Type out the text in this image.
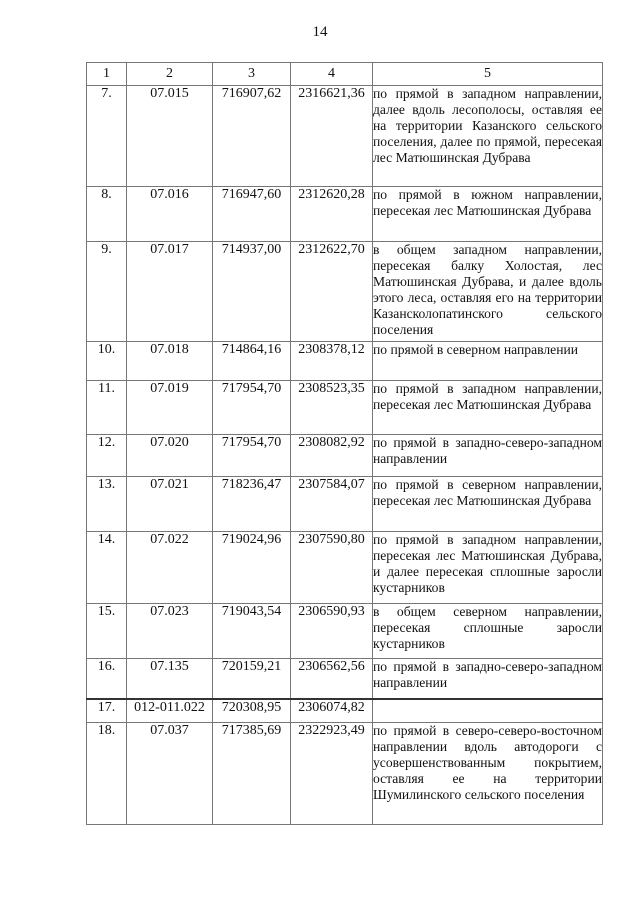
14
1	2	3	4	5
7.	07.015	716907,62	2316621,36	по прямой в западном направлении, далее вдоль лесополосы, оставляя ее на территории Казанского сельского поселения, далее по прямой, пересекая лес Матюшинская Дубрава
8.	07.016	716947,60	2312620,28	по прямой в южном направлении, пересекая лес Матюшинская Дубрава
9.	07.017	714937,00	2312622,70	в общем западном направлении, пересекая балку Холостая, лес Матюшинская Дубрава, и далее вдоль этого леса, оставляя его на территории Казансколопатинского сельского поселения
10.	07.018	714864,16	2308378,12	по прямой в северном направлении
11.	07.019	717954,70	2308523,35	по прямой в западном направлении, пересекая лес Матюшинская Дубрава
12.	07.020	717954,70	2308082,92	по прямой в западно-северо-западном направлении
13.	07.021	718236,47	2307584,07	по прямой в северном направлении, пересекая лес Матюшинская Дубрава
14.	07.022	719024,96	2307590,80	по прямой в западном направлении, пересекая лес Матюшинская Дубрава, и далее пересекая сплошные заросли кустарников
15.	07.023	719043,54	2306590,93	в общем северном направлении, пересекая сплошные заросли кустарников
16.	07.135	720159,21	2306562,56	по прямой в западно-северо-западном направлении
17.	012-011.022	720308,95	2306074,82	
18.	07.037	717385,69	2322923,49	по прямой в северо-северо-восточном направлении вдоль автодороги с усовершенствованным покрытием, оставляя ее на территории Шумилинского сельского поселения
